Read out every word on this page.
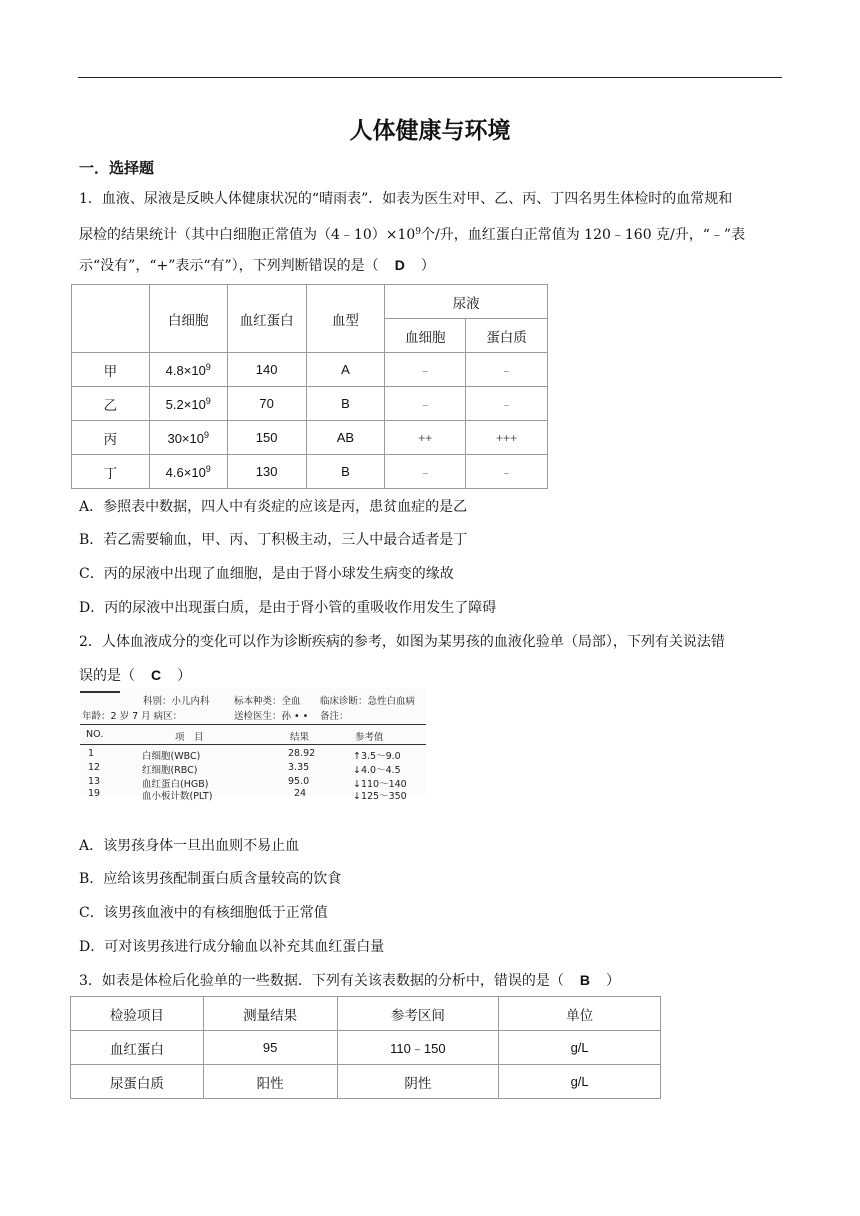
人体健康与环境
一．选择题
1．血液、尿液是反映人体健康状况的“晴雨表”．如表为医生对甲、乙、丙、丁四名男生体检时的血常规和
尿检的结果统计（其中白细胞正常值为$(4﹣10)\times 10^9$个/升，血红蛋白正常值为 120﹣160 克/升，“﹣”表
示“没有”，“+”表示“有”），下列判断错误的是（ D ）
	白细胞	血红蛋白	血型	尿液	
				血细胞	蛋白质
甲	$4.8\times 10^9$	140	A	﹣	﹣
乙	$5.2\times 10^9$	70	B	﹣	﹣
丙	$30\times 10^9$	150	AB	++	+++
丁	$4.6\times 10^9$	130	B	﹣	﹣
A．参照表中数据，四人中有炎症的应该是丙，患贫血症的是乙
B．若乙需要输血，甲、丙、丁积极主动，三人中最合适者是丁
C．丙的尿液中出现了血细胞，是由于肾小球发生病变的缘故
D．丙的尿液中出现蛋白质，是由于肾小管的重吸收作用发生了障碍
2．人体血液成分的变化可以作为诊断疾病的参考，如图为某男孩的血液化验单（局部），下列有关说法错
误的是（ C ）
科别：小儿内科	标本种类：全血 临床诊断：急性白血病
年龄：2 岁 7 月 病区：	送检医生：孙 • • 备注：
NO.	项　目	结果	参考值
1	白细胞(WBC)	28.92	↑3.5～9.0
12	红细胞(RBC)	3.35	↓4.0～4.5
13	血红蛋白(HGB)	95.0	↓110～140
19	血小板计数(PLT)	24	↓125～350
A．该男孩身体一旦出血则不易止血
B．应给该男孩配制蛋白质含量较高的饮食
C．该男孩血液中的有核细胞低于正常值
D．可对该男孩进行成分输血以补充其血红蛋白量
3．如表是体检后化验单的一些数据．下列有关该表数据的分析中，错误的是（ B ）
检验项目	测量结果	参考区间	单位
血红蛋白	95	110﹣150	g/L
尿蛋白质	阳性	阴性	g/L
